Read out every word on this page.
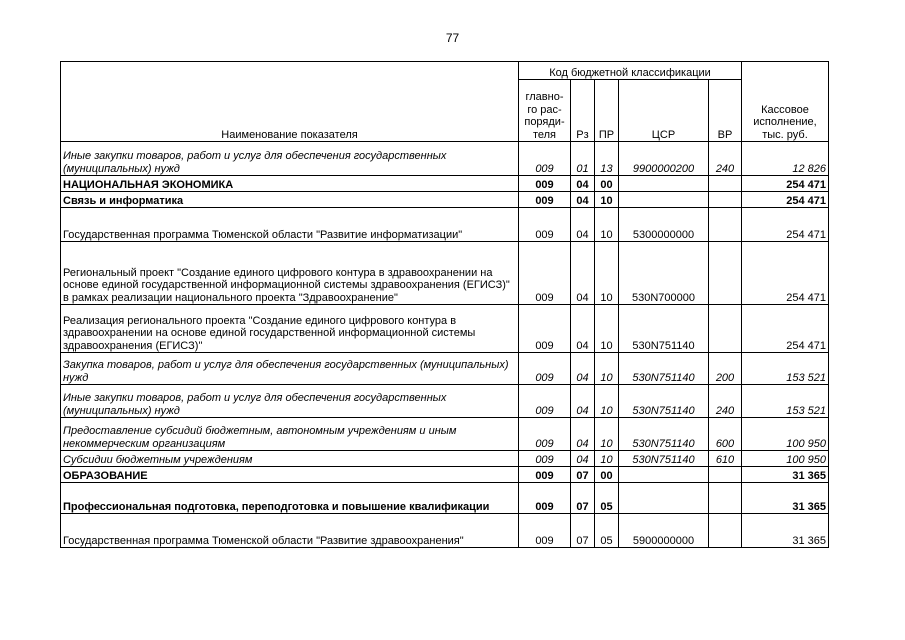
77
Наименование показателя	Код бюджетной классификации					Кассовое исполнение, тыс. руб.
	главно-го рас-поряди-теля	Рз	ПР	ЦСР	ВР	
Иные закупки товаров, работ и услуг для обеспечения государственных (муниципальных) нужд	009	01	13	9900000200	240	12 826
НАЦИОНАЛЬНАЯ ЭКОНОМИКА	009	04	00			254 471
Связь и информатика	009	04	10			254 471
Государственная программа Тюменской области "Развитие информатизации"	009	04	10	5300000000		254 471
Региональный проект "Создание единого цифрового контура в здравоохранении на основе единой государственной информационной системы здравоохранения (ЕГИСЗ)" в рамках реализации национального проекта "Здравоохранение"	009	04	10	530N700000		254 471
Реализация регионального проекта "Создание единого цифрового контура в здравоохранении на основе единой государственной информационной системы здравоохранения (ЕГИСЗ)"	009	04	10	530N751140		254 471
Закупка товаров, работ и услуг для обеспечения государственных (муниципальных) нужд	009	04	10	530N751140	200	153 521
Иные закупки товаров, работ и услуг для обеспечения государственных (муниципальных) нужд	009	04	10	530N751140	240	153 521
Предоставление субсидий бюджетным, автономным учреждениям и иным некоммерческим организациям	009	04	10	530N751140	600	100 950
Субсидии бюджетным учреждениям	009	04	10	530N751140	610	100 950
ОБРАЗОВАНИЕ	009	07	00			31 365
Профессиональная подготовка, переподготовка и повышение квалификации	009	07	05			31 365
Государственная программа Тюменской области "Развитие здравоохранения"	009	07	05	5900000000		31 365
